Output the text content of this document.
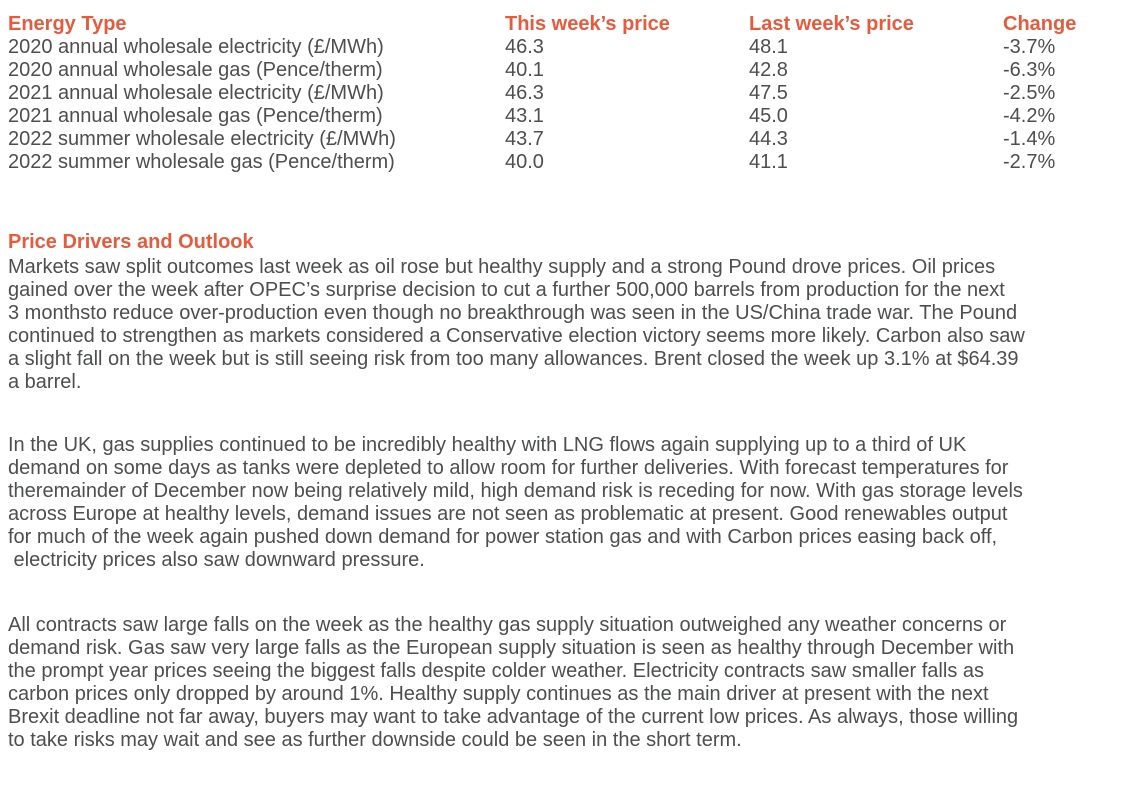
Energy Type	This week’s price	Last week’s price	Change
2020 annual wholesale electricity (£/MWh)	46.3	48.1	-3.7%
2020 annual wholesale gas (Pence/therm)	40.1	42.8	-6.3%
2021 annual wholesale electricity (£/MWh)	46.3	47.5	-2.5%
2021 annual wholesale gas (Pence/therm)	43.1	45.0	-4.2%
2022 summer wholesale electricity (£/MWh)	43.7	44.3	-1.4%
2022 summer wholesale gas (Pence/therm)	40.0	41.1	-2.7%
Price Drivers and Outlook
Markets saw split outcomes last week as oil rose but healthy supply and a strong Pound drove prices. Oil prices
gained over the week after OPEC’s surprise decision to cut a further 500,000 barrels from production for the next
3 monthsto reduce over-production even though no breakthrough was seen in the US/China trade war. The Pound
continued to strengthen as markets considered a Conservative election victory seems more likely. Carbon also saw
a slight fall on the week but is still seeing risk from too many allowances. Brent closed the week up 3.1% at $64.39
a barrel.
In the UK, gas supplies continued to be incredibly healthy with LNG flows again supplying up to a third of UK
demand on some days as tanks were depleted to allow room for further deliveries. With forecast temperatures for
theremainder of December now being relatively mild, high demand risk is receding for now. With gas storage levels
across Europe at healthy levels, demand issues are not seen as problematic at present. Good renewables output
for much of the week again pushed down demand for power station gas and with Carbon prices easing back off,
electricity prices also saw downward pressure.
All contracts saw large falls on the week as the healthy gas supply situation outweighed any weather concerns or
demand risk. Gas saw very large falls as the European supply situation is seen as healthy through December with
the prompt year prices seeing the biggest falls despite colder weather. Electricity contracts saw smaller falls as
carbon prices only dropped by around 1%. Healthy supply continues as the main driver at present with the next
Brexit deadline not far away, buyers may want to take advantage of the current low prices. As always, those willing
to take risks may wait and see as further downside could be seen in the short term.
